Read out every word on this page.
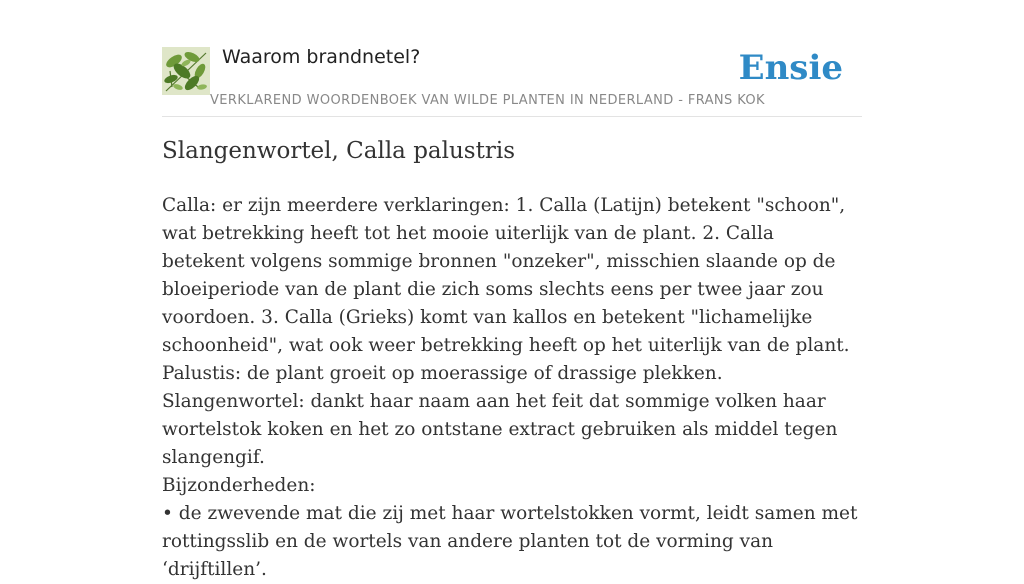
Waarom brandnetel?
VERKLAREND WOORDENBOEK VAN WILDE PLANTEN IN NEDERLAND - FRANS KOK
Ensie
Slangenwortel, Calla palustris

Calla: er zijn meerdere verklaringen: 1. Calla (Latijn) betekent "schoon", wat betrekking heeft tot het mooie uiterlijk van de plant. 2. Calla betekent volgens sommige bronnen "onzeker", misschien slaande op de bloeiperiode van de plant die zich soms slechts eens per twee jaar zou voordoen. 3. Calla (Grieks) komt van kallos en betekent "lichamelijke schoonheid", wat ook weer betrekking heeft op het uiterlijk van de plant.

Palustis: de plant groeit op moerassige of drassige plekken.

Slangenwortel: dankt haar naam aan het feit dat sommige volken haar wortelstok koken en het zo ontstane extract gebruiken als middel tegen slangengif.

Bijzonderheden:

• de zwevende mat die zij met haar wortelstokken vormt, leidt samen met rottingsslib en de wortels van andere planten tot de vorming van ‘drijftillen’.
